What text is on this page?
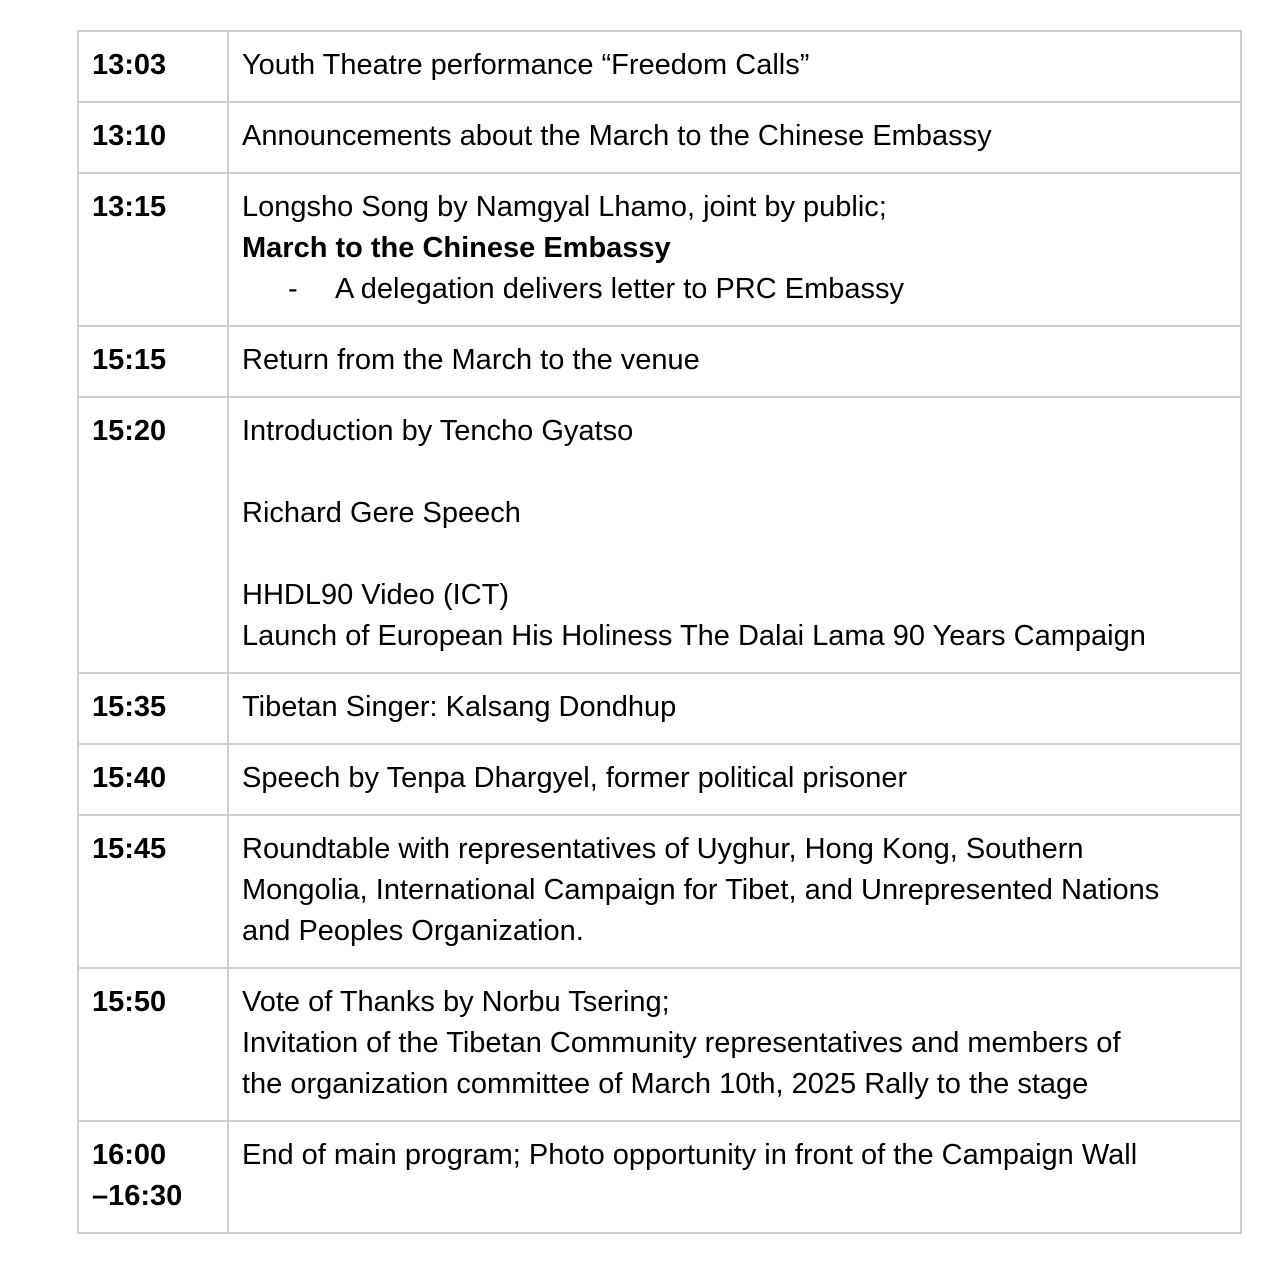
13:03	Youth Theatre performance “Freedom Calls”

13:10	Announcements about the March to the Chinese Embassy

13:15	Longsho Song by Namgyal Lhamo, joint by public;
March to the Chinese Embassy
- A delegation delivers letter to PRC Embassy

15:15	Return from the March to the venue

15:20	Introduction by Tencho Gyatso
Richard Gere Speech
HHDL90 Video (ICT)
Launch of European His Holiness The Dalai Lama 90 Years Campaign

15:35	Tibetan Singer: Kalsang Dondhup

15:40	Speech by Tenpa Dhargyel, former political prisoner

15:45	Roundtable with representatives of Uyghur, Hong Kong, Southern
Mongolia, International Campaign for Tibet, and Unrepresented Nations
and Peoples Organization.

15:50	Vote of Thanks by Norbu Tsering;
Invitation of the Tibetan Community representatives and members of
the organization committee of March 10th, 2025 Rally to the stage

16:00
–16:30	End of main program; Photo opportunity in front of the Campaign Wall
